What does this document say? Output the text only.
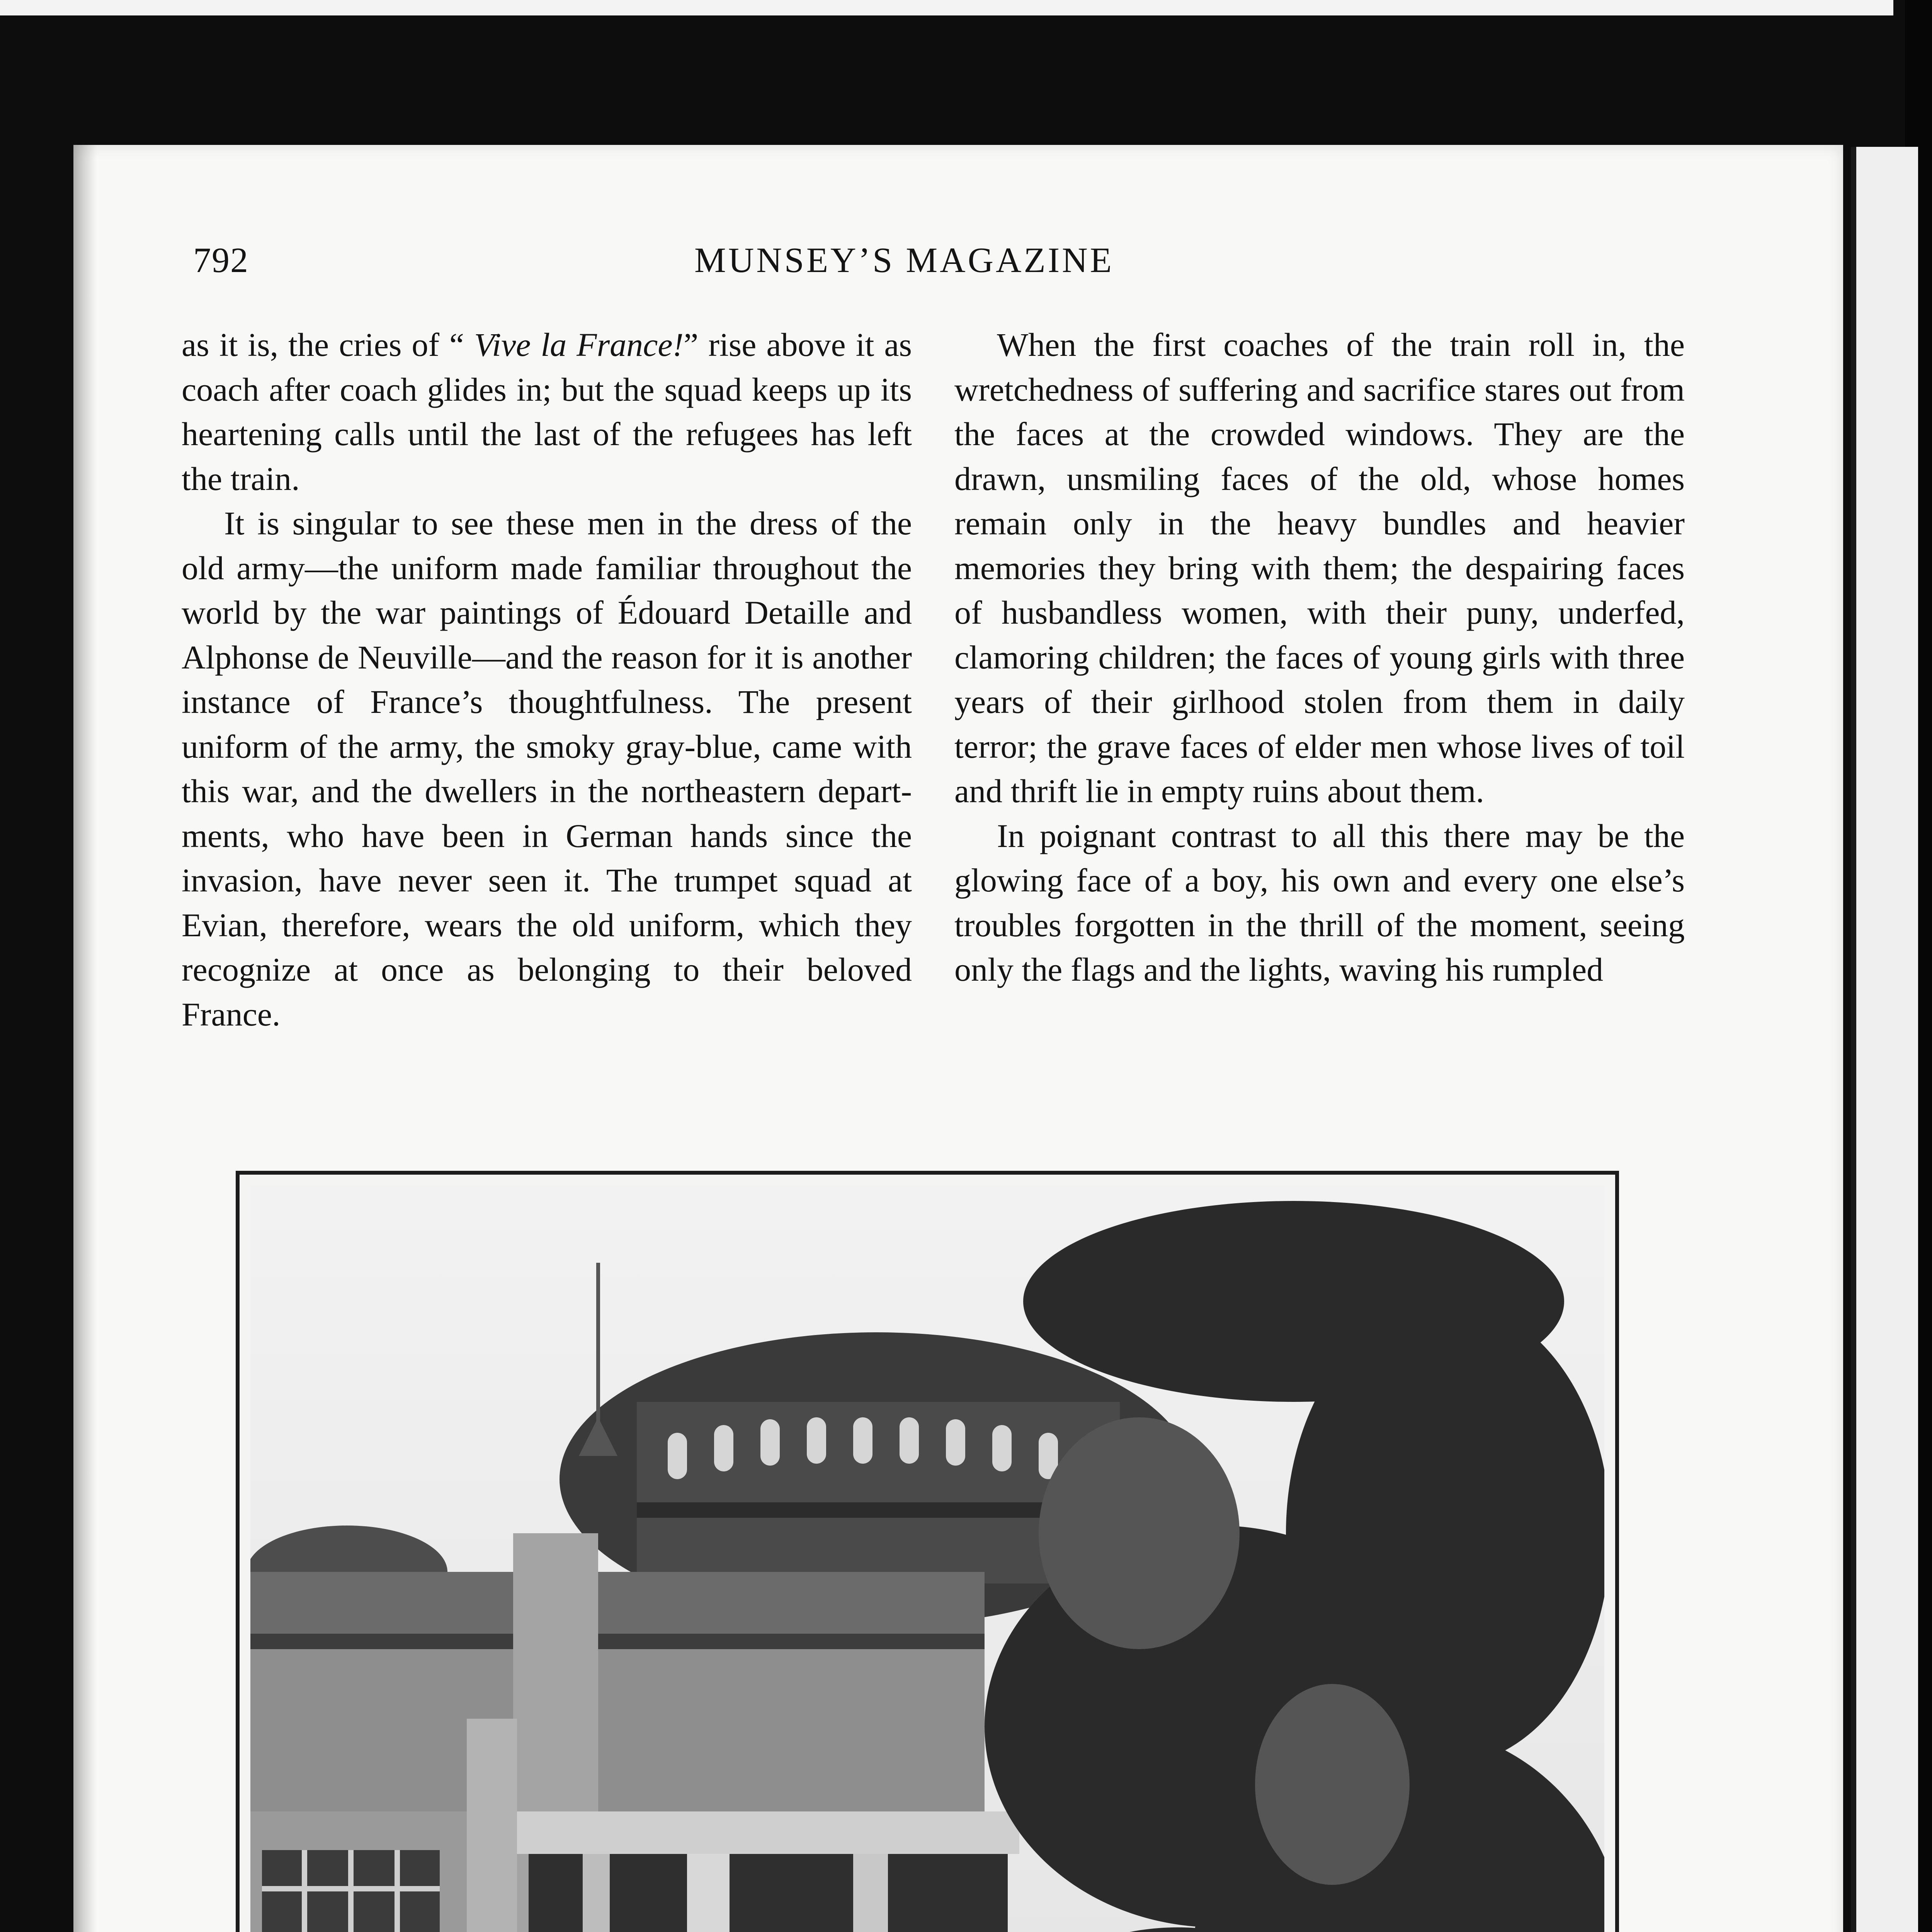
792	MUNSEY’S MAGAZINE

as it is, the cries of “ Vive la France!” rise above it as coach after coach glides in; but the squad keeps up its heartening calls until the last of the refugees has left the train.

It is singular to see these men in the dress of the old army—the uniform made familiar throughout the world by the war paintings of Édouard Detaille and Alphonse de Neuville—and the reason for it is another instance of France’s thoughtfulness. The present uniform of the army, the smoky gray-blue, came with this war, and the dwellers in the northeastern departments, who have been in German hands since the invasion, have never seen it. The trumpet squad at Evian, therefore, wears the old uniform, which they recognize at once as belonging to their beloved France.

When the first coaches of the train roll in, the wretchedness of suffering and sacrifice stares out from the faces at the crowded windows. They are the drawn, unsmiling faces of the old, whose homes remain only in the heavy bundles and heavier memories they bring with them; the despairing faces of husbandless women, with their puny, underfed, clamoring children; the faces of young girls with three years of their girlhood stolen from them in daily terror; the grave faces of elder men whose lives of toil and thrift lie in empty ruins about them.

In poignant contrast to all this there may be the glowing face of a boy, his own and every one else’s troubles forgotten in the thrill of the moment, seeing only the flags and the lights, waving his rumpled
